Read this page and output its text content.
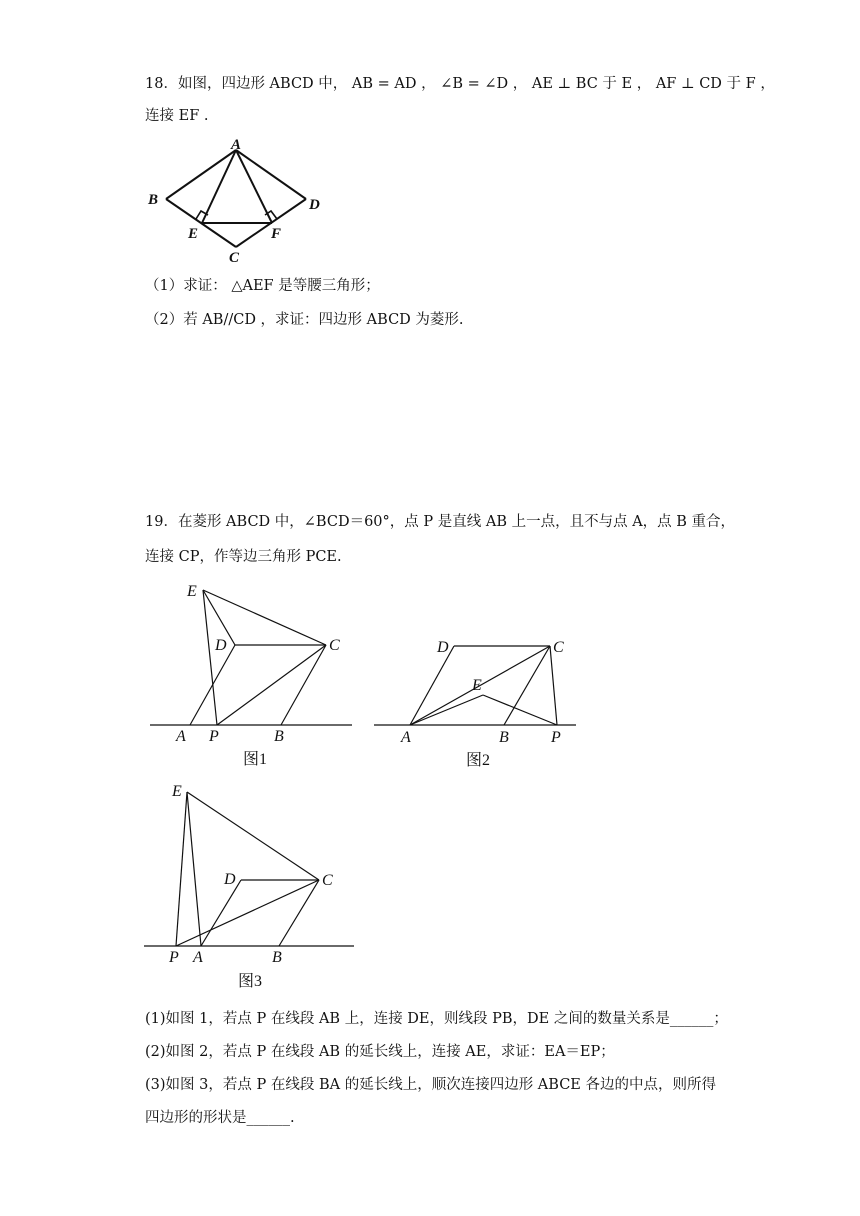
18．如图，四边形 ABCD 中， AB = AD ， ∠B = ∠D ， AE ⊥ BC 于 E ， AF ⊥ CD 于 F ，
连接 EF .
A
B	D
E	F
C
（1）求证： △AEF 是等腰三角形；
（2）若 AB//CD ，求证：四边形 ABCD 为菱形.
19．在菱形 ABCD 中，∠BCD＝60°，点 P 是直线 AB 上一点，且不与点 A，点 B 重合，
连接 CP，作等边三角形 PCE.
E
D	C
A P	B
图1
D	C
E
A	B	P
图2
E
D	C
P A	B
图3
(1)如图 1，若点 P 在线段 AB 上，连接 DE，则线段 PB，DE 之间的数量关系是______；
(2)如图 2，若点 P 在线段 AB 的延长线上，连接 AE，求证：EA＝EP；
(3)如图 3，若点 P 在线段 BA 的延长线上，顺次连接四边形 ABCE 各边的中点，则所得
四边形的形状是______.
